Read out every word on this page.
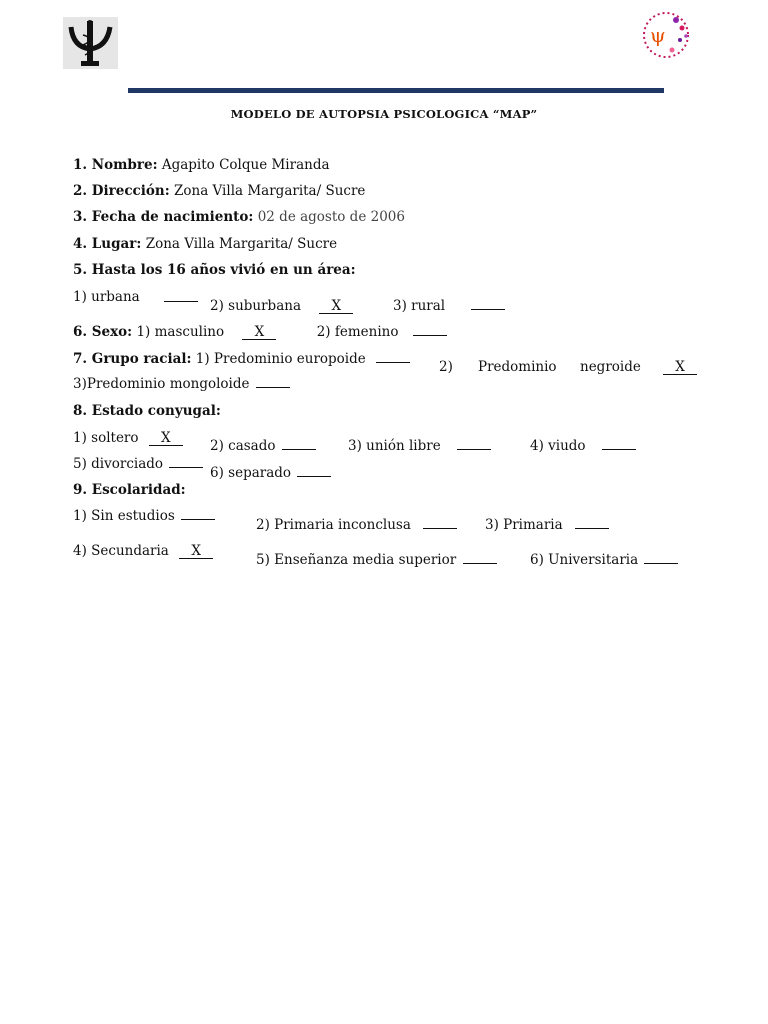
ψ
MODELO DE AUTOPSIA PSICOLOGICA “MAP”
1. Nombre: Agapito Colque Miranda
2. Dirección: Zona Villa Margarita/ Sucre
3. Fecha de nacimiento: 02 de agosto de 2006
4. Lugar: Zona Villa Margarita/ Sucre
5. Hasta los 16 años vivió en un área:
1) urbana
2) suburbana X	3) rural
6. Sexo: 1) masculino X	2) femenino
7. Grupo racial: 1) Predominio europoide	2) Predominio negroide	X
3)Predominio mongoloide
8. Estado conyugal:
1) soltero X	2) casado	3) unión libre	4) viudo
5) divorciado
6) separado
9. Escolaridad:
1) Sin estudios
2) Primaria inconclusa	3) Primaria
4) Secundaria X
5) Enseñanza media superior	6) Universitaria
